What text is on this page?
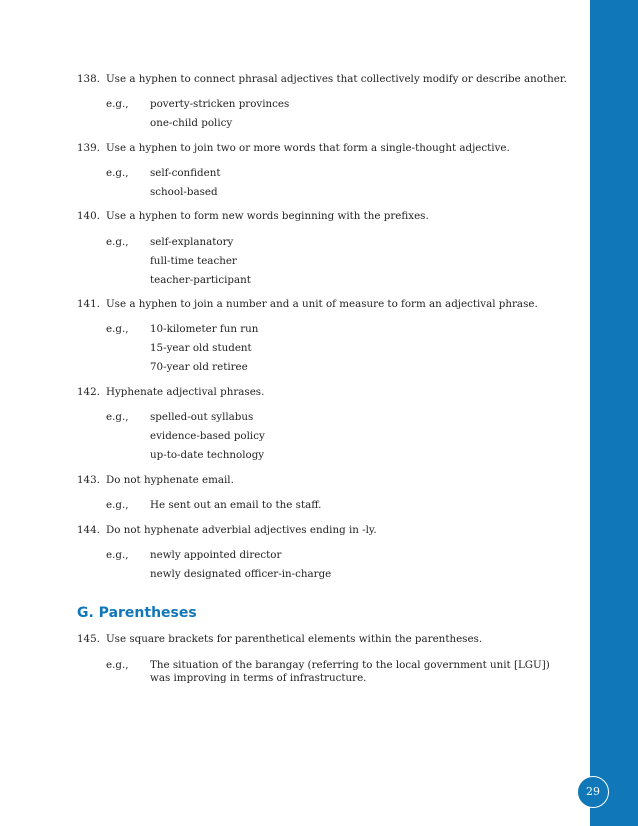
29
138. Use a hyphen to connect phrasal adjectives that collectively modify or describe another.
e.g., poverty-stricken provinces
one-child policy
139. Use a hyphen to join two or more words that form a single-thought adjective.
e.g., self-confident
school-based
140. Use a hyphen to form new words beginning with the prefixes.
e.g., self-explanatory
full-time teacher
teacher-participant
141. Use a hyphen to join a number and a unit of measure to form an adjectival phrase.
e.g., 10-kilometer fun run
15-year old student
70-year old retiree
142. Hyphenate adjectival phrases.
e.g., spelled-out syllabus
evidence-based policy
up-to-date technology
143. Do not hyphenate email.
e.g., He sent out an email to the staff.
144. Do not hyphenate adverbial adjectives ending in -ly.
e.g., newly appointed director
newly designated officer-in-charge
G. Parentheses
145. Use square brackets for parenthetical elements within the parentheses.
e.g., The situation of the barangay (referring to the local government unit [LGU]) was improving in terms of infrastructure.
